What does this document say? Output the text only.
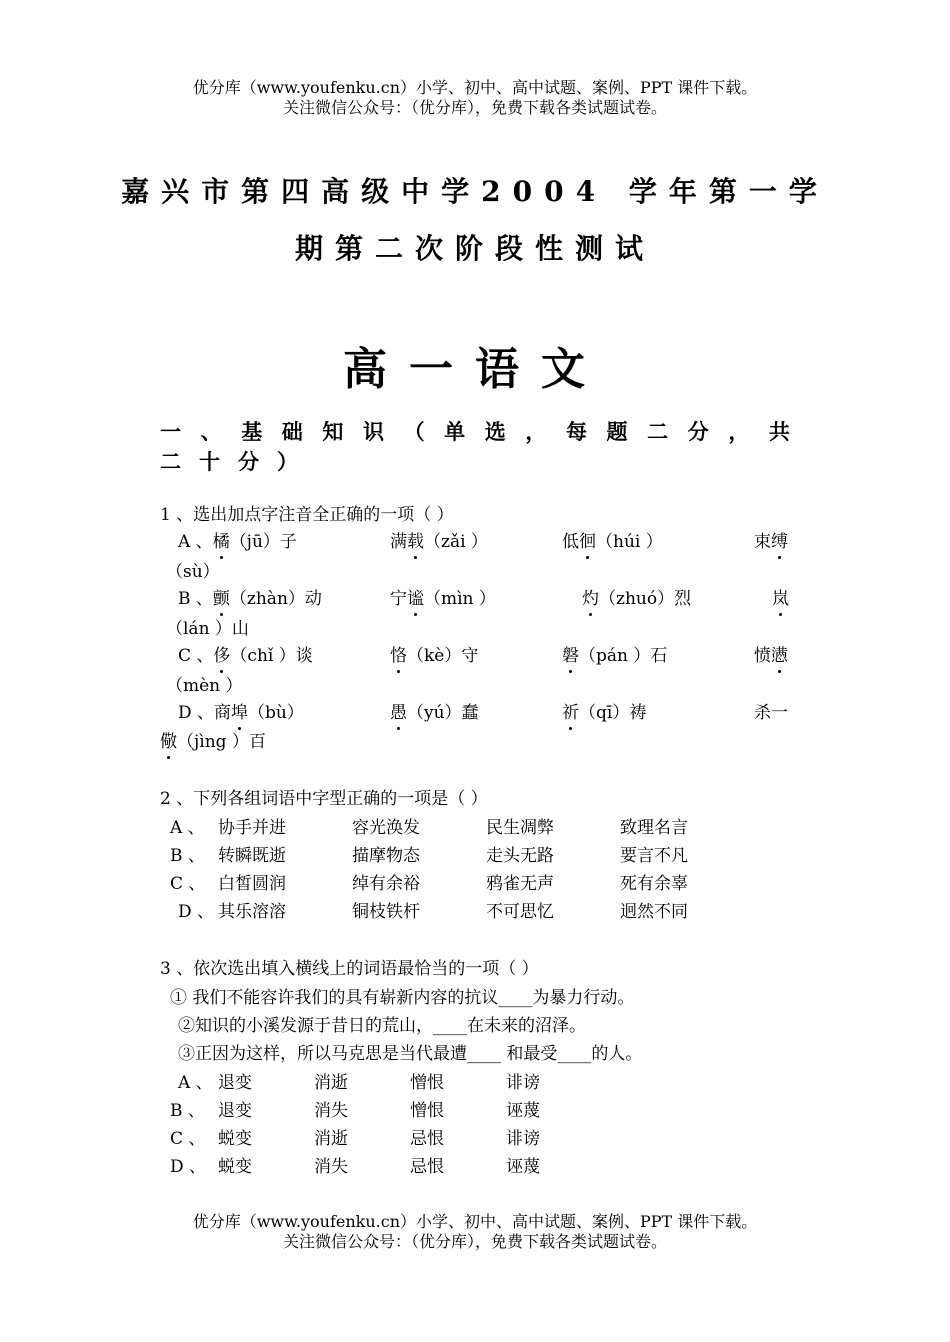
优分库（www.youfenku.cn）小学、初中、高中试题、案例、PPT 课件下载。
关注微信公众号：（优分库），免费下载各类试题试卷。
嘉兴市第四高级中学2004 学年第一学
期第二次阶段性测试
高一语文
一 、 基 础 知 识 （ 单 选 ， 每 题 二 分 ， 共
二 十 分 ）
1 、选出加点字注音全正确的一项（ ）
A 、橘（jū）子	满载（zǎi ）	低徊（húi ）	束缚
（sù）
B 、颤（zhàn）动	宁谧（mìn ）	灼（zhuó）烈	岚
（lán ）山
C 、侈（chǐ ）谈	恪（kè）守	磐（pán ）石	愤懑
（mèn ）
D 、商埠（bù）	愚（yú）蠢	祈（qī）祷	杀一
儆（jìng ）百
2 、下列各组词语中字型正确的一项是（ ）
A 、 协手并进	容光涣发	民生凋弊	致理名言
B 、 转瞬既逝	描摩物态	走头无路	要言不凡
C 、 白皙圆润	绰有余裕	鸦雀无声	死有余辜
D 、 其乐溶溶	铜枝铁杆	不可思忆	迥然不同
3 、依次选出填入横线上的词语最恰当的一项（ ）
① 我们不能容许我们的具有崭新内容的抗议____为暴力行动。
②知识的小溪发源于昔日的荒山，____在未来的沼泽。
③正因为这样，所以马克思是当代最遭____ 和最受____的人。
A 、 退变	消逝	憎恨	诽谤
B 、 退变	消失	憎恨	诬蔑
C 、 蜕变	消逝	忌恨	诽谤
D 、 蜕变	消失	忌恨	诬蔑
优分库（www.youfenku.cn）小学、初中、高中试题、案例、PPT 课件下载。
关注微信公众号：（优分库），免费下载各类试题试卷。
